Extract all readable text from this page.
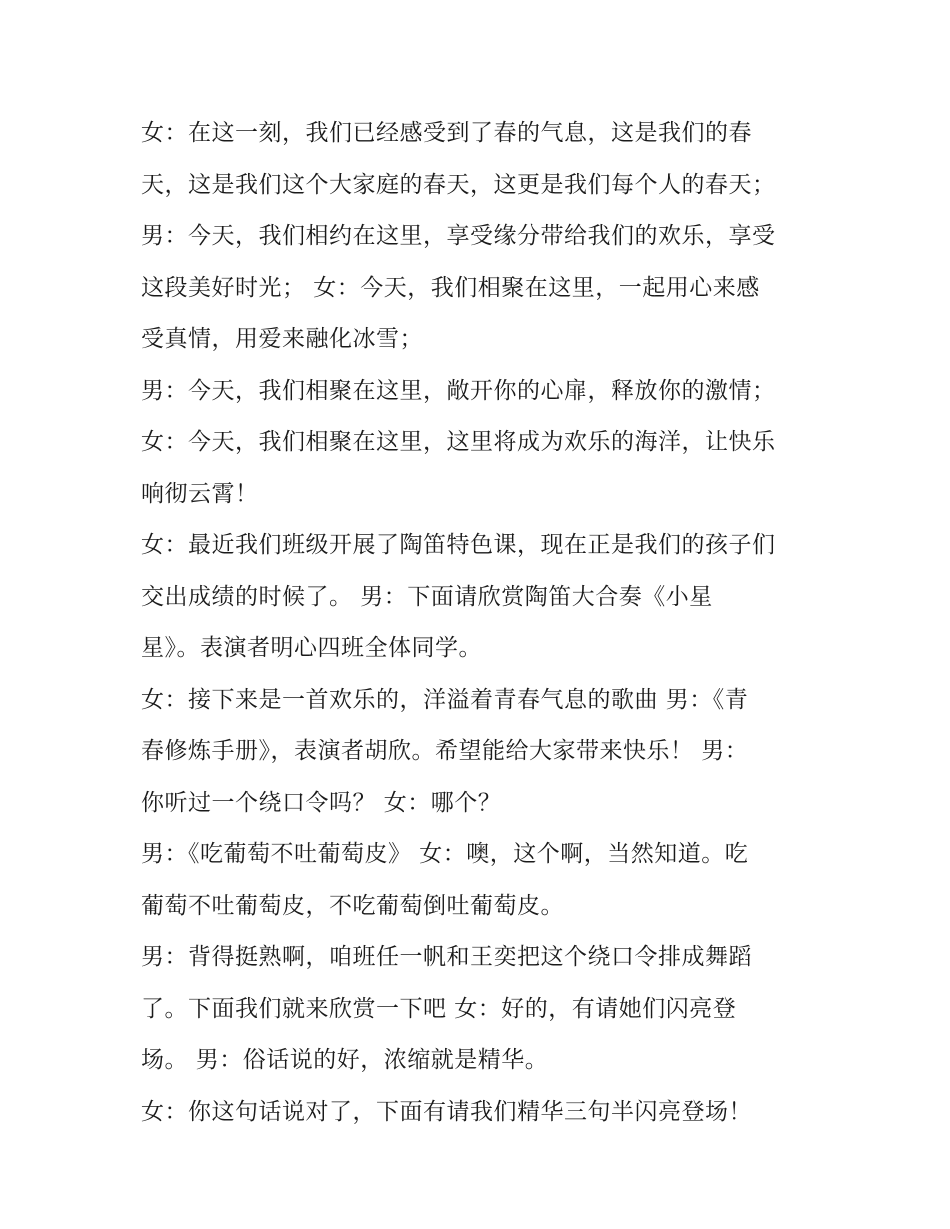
女：在这一刻，我们已经感受到了春的气息，这是我们的春
天，这是我们这个大家庭的春天，这更是我们每个人的春天；
男：今天，我们相约在这里，享受缘分带给我们的欢乐，享受
这段美好时光； 女：今天，我们相聚在这里，一起用心来感
受真情，用爱来融化冰雪；
男：今天，我们相聚在这里，敞开你的心扉，释放你的激情；
女：今天，我们相聚在这里，这里将成为欢乐的海洋，让快乐
响彻云霄！
女：最近我们班级开展了陶笛特色课，现在正是我们的孩子们
交出成绩的时候了。 男：下面请欣赏陶笛大合奏《小星
星》。表演者明心四班全体同学。
女：接下来是一首欢乐的，洋溢着青春气息的歌曲 男：《青
春修炼手册》，表演者胡欣。希望能给大家带来快乐！ 男：
你听过一个绕口令吗？ 女：哪个？
男：《吃葡萄不吐葡萄皮》 女：噢，这个啊，当然知道。吃
葡萄不吐葡萄皮，不吃葡萄倒吐葡萄皮。
男：背得挺熟啊，咱班任一帆和王奕把这个绕口令排成舞蹈
了。下面我们就来欣赏一下吧 女：好的，有请她们闪亮登
场。 男：俗话说的好，浓缩就是精华。
女：你这句话说对了，下面有请我们精华三句半闪亮登场！
